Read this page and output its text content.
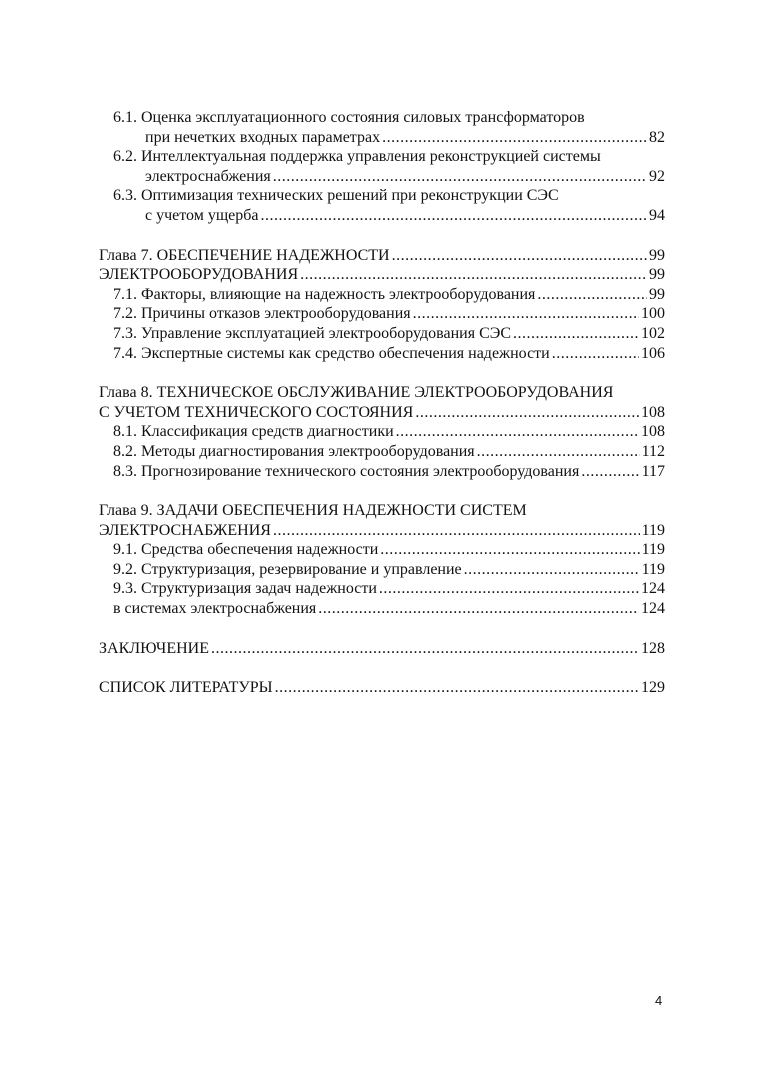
6.1. Оценка эксплуатационного состояния силовых трансформаторов
при нечетких входных параметрах .....	82
6.2. Интеллектуальная поддержка управления реконструкцией системы
электроснабжения .....	92
6.3. Оптимизация технических решений при реконструкции СЭС
с учетом ущерба .....	94
Глава 7. ОБЕСПЕЧЕНИЕ НАДЕЖНОСТИ .....	99
ЭЛЕКТРООБОРУДОВАНИЯ .....	99
7.1. Факторы, влияющие на надежность электрооборудования .....	99
7.2. Причины отказов электрооборудования .....	100
7.3. Управление эксплуатацией электрооборудования СЭС .....	102
7.4. Экспертные системы как средство обеспечения надежности .....	106
Глава 8. ТЕХНИЧЕСКОЕ ОБСЛУЖИВАНИЕ ЭЛЕКТРООБОРУДОВАНИЯ
С УЧЕТОМ ТЕХНИЧЕСКОГО СОСТОЯНИЯ .....	108
8.1. Классификация средств диагностики .....	108
8.2. Методы диагностирования электрооборудования .....	112
8.3. Прогнозирование технического состояния электрооборудования .....	117
Глава 9. ЗАДАЧИ ОБЕСПЕЧЕНИЯ НАДЕЖНОСТИ СИСТЕМ
ЭЛЕКТРОСНАБЖЕНИЯ .....	119
9.1. Средства обеспечения надежности .....	119
9.2. Структуризация, резервирование и управление .....	119
9.3. Структуризация задач надежности .....	124
в системах электроснабжения .....	124
ЗАКЛЮЧЕНИЕ .....	128
СПИСОК ЛИТЕРАТУРЫ .....	129
4
